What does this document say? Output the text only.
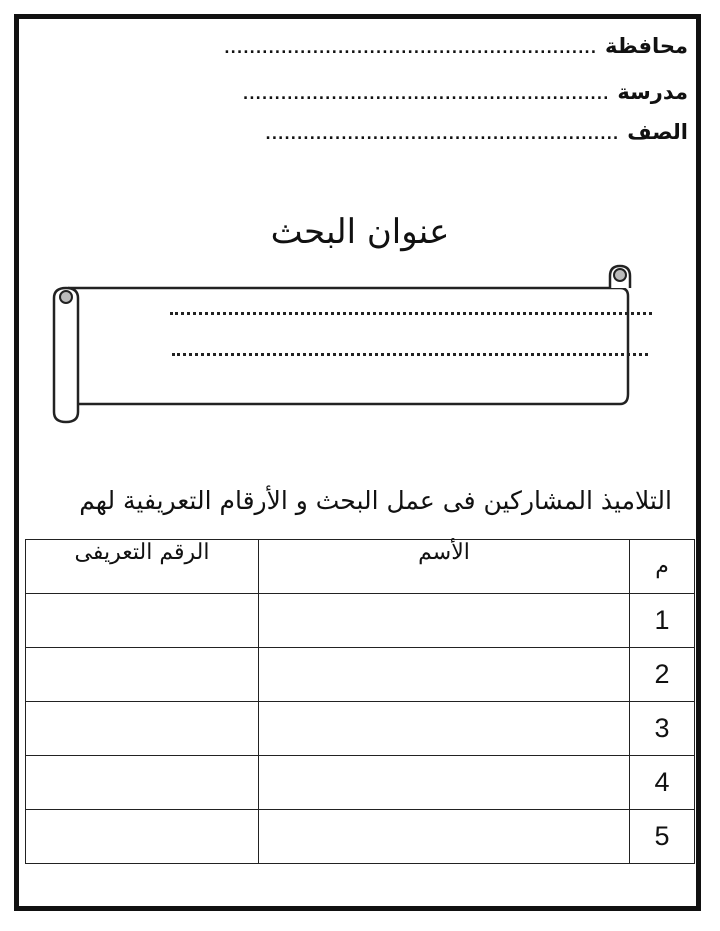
محافظة
...........................................................
مدرسة
..........................................................
الصف
........................................................
عنوان البحث
التلاميذ المشاركين فى عمل البحث و الأرقام التعريفية لهم
م	الأسم	الرقم التعريفى
1		
2		
3		
4		
5		
